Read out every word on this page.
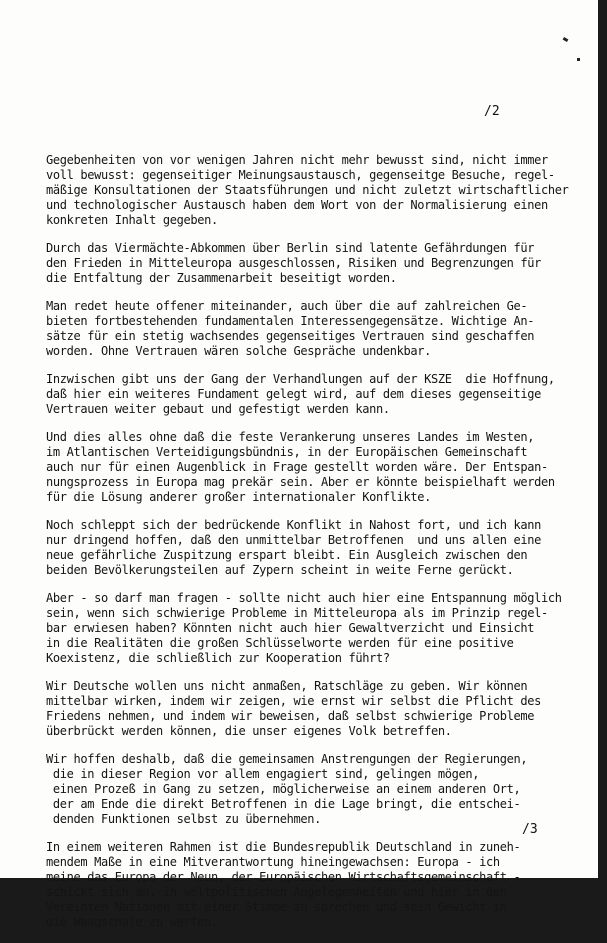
/2

Gegebenheiten von vor wenigen Jahren nicht mehr bewusst sind, nicht immer
voll bewusst: gegenseitiger Meinungsaustausch, gegenseitge Besuche, regel-
mäßige Konsultationen der Staatsführungen und nicht zuletzt wirtschaftlicher
und technologischer Austausch haben dem Wort von der Normalisierung einen
konkreten Inhalt gegeben.

Durch das Viermächte-Abkommen über Berlin sind latente Gefährdungen für
den Frieden in Mitteleuropa ausgeschlossen, Risiken und Begrenzungen für
die Entfaltung der Zusammenarbeit beseitigt worden.

Man redet heute offener miteinander, auch über die auf zahlreichen Ge-
bieten fortbestehenden fundamentalen Interessengegensätze. Wichtige An-
sätze für ein stetig wachsendes gegenseitiges Vertrauen sind geschaffen
worden. Ohne Vertrauen wären solche Gespräche undenkbar.

Inzwischen gibt uns der Gang der Verhandlungen auf der KSZE  die Hoffnung,
daß hier ein weiteres Fundament gelegt wird, auf dem dieses gegenseitige
Vertrauen weiter gebaut und gefestigt werden kann.

Und dies alles ohne daß die feste Verankerung unseres Landes im Westen,
im Atlantischen Verteidigungsbündnis, in der Europäischen Gemeinschaft
auch nur für einen Augenblick in Frage gestellt worden wäre. Der Entspan-
nungsprozess in Europa mag prekär sein. Aber er könnte beispielhaft werden
für die Lösung anderer großer internationaler Konflikte.

Noch schleppt sich der bedrückende Konflikt in Nahost fort, und ich kann
nur dringend hoffen, daß den unmittelbar Betroffenen  und uns allen eine
neue gefährliche Zuspitzung erspart bleibt. Ein Ausgleich zwischen den
beiden Bevölkerungsteilen auf Zypern scheint in weite Ferne gerückt.

Aber - so darf man fragen - sollte nicht auch hier eine Entspannung möglich
sein, wenn sich schwierige Probleme in Mitteleuropa als im Prinzip regel-
bar erwiesen haben? Könnten nicht auch hier Gewaltverzicht und Einsicht
in die Realitäten die großen Schlüsselworte werden für eine positive
Koexistenz, die schließlich zur Kooperation führt?

Wir Deutsche wollen uns nicht anmaßen, Ratschläge zu geben. Wir können
mittelbar wirken, indem wir zeigen, wie ernst wir selbst die Pflicht des
Friedens nehmen, und indem wir beweisen, daß selbst schwierige Probleme
überbrückt werden können, die unser eigenes Volk betreffen.

Wir hoffen deshalb, daß die gemeinsamen Anstrengungen der Regierungen,
die in dieser Region vor allem engagiert sind, gelingen mögen,
einen Prozeß in Gang zu setzen, möglicherweise an einem anderen Ort,
der am Ende die direkt Betroffenen in die Lage bringt, die entschei-
denden Funktionen selbst zu übernehmen.

In einem weiteren Rahmen ist die Bundesrepublik Deutschland in zuneh-
mendem Maße in eine Mitverantwortung hineingewachsen: Europa - ich
meine das Europa der Neun, der Europäischen Wirtschaftsgemeinschaft -
schickt sich an, in weltpolitischen Angelegenheiten und hier in den
Vereinten Nationen mit einer Stimme zu sprechen und sein Gewicht in
die Waagschale zu werfen.

/3
